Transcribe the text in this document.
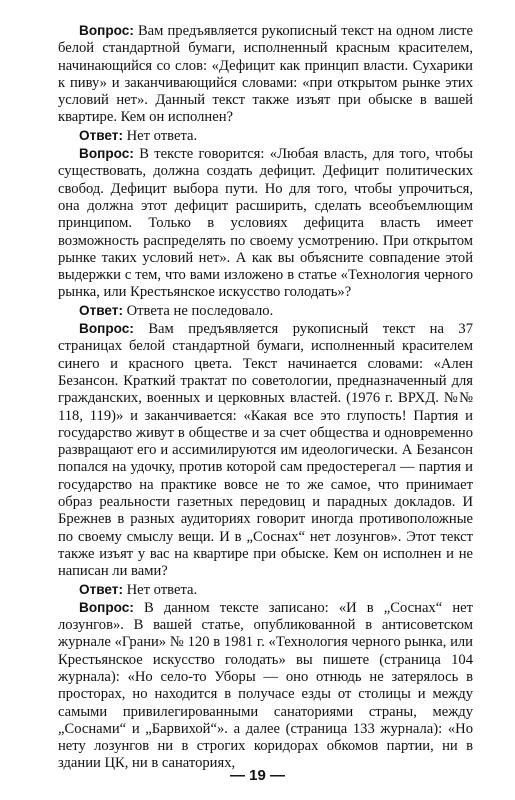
Вопрос: Вам предъявляется рукописный текст на одном листе белой стандартной бумаги, исполненный красным красителем, начинающийся со слов: «Дефицит как принцип власти. Сухарики к пиву» и заканчивающийся словами: «при открытом рынке этих условий нет». Данный текст также изъят при обыске в вашей квартире. Кем он исполнен?

Ответ: Нет ответа.

Вопрос: В тексте говорится: «Любая власть, для того, чтобы существовать, должна создать дефицит. Дефицит политических свобод. Дефицит выбора пути. Но для того, чтобы упрочиться, она должна этот дефицит расширить, сделать всеобъемлющим принципом. Только в условиях дефицита власть имеет возможность распределять по своему усмотрению. При открытом рынке таких условий нет». А как вы объясните совпадение этой выдержки с тем, что вами изложено в статье «Технология черного рынка, или Крестьянское искусство голодать»?

Ответ: Ответа не последовало.

Вопрос: Вам предъявляется рукописный текст на 37 страницах белой стандартной бумаги, исполненный красителем синего и красного цвета. Текст начинается словами: «Ален Безансон. Краткий трактат по советологии, предназначенный для гражданских, военных и церковных властей. (1976 г. ВРХД. №№ 118, 119)» и заканчивается: «Какая все это глупость! Партия и государство живут в обществе и за счет общества и одновременно развращают его и ассимилируются им идеологически. А Безансон попался на удочку, против которой сам предостерегал — партия и государство на практике вовсе не то же самое, что принимает образ реальности газетных передовиц и парадных докладов. И Брежнев в разных аудиториях говорит иногда противоположные по своему смыслу вещи. И в „Соснах“ нет лозунгов». Этот текст также изъят у вас на квартире при обыске. Кем он исполнен и не написан ли вами?

Ответ: Нет ответа.

Вопрос: В данном тексте записано: «И в „Соснах“ нет лозунгов». В вашей статье, опубликованной в антисоветском журнале «Грани» № 120 в 1981 г. «Технология черного рынка, или Крестьянское искусство голодать» вы пишете (страница 104 журнала): «Но село-то Уборы — оно отнюдь не затерялось в просторах, но находится в получасе езды от столицы и между самыми привилегированными санаториями страны, между „Соснами“ и „Барвихой“». а далее (страница 133 журнала): «Но нету лозунгов ни в строгих коридорах обкомов партии, ни в здании ЦК, ни в санаториях,

— 19 —
